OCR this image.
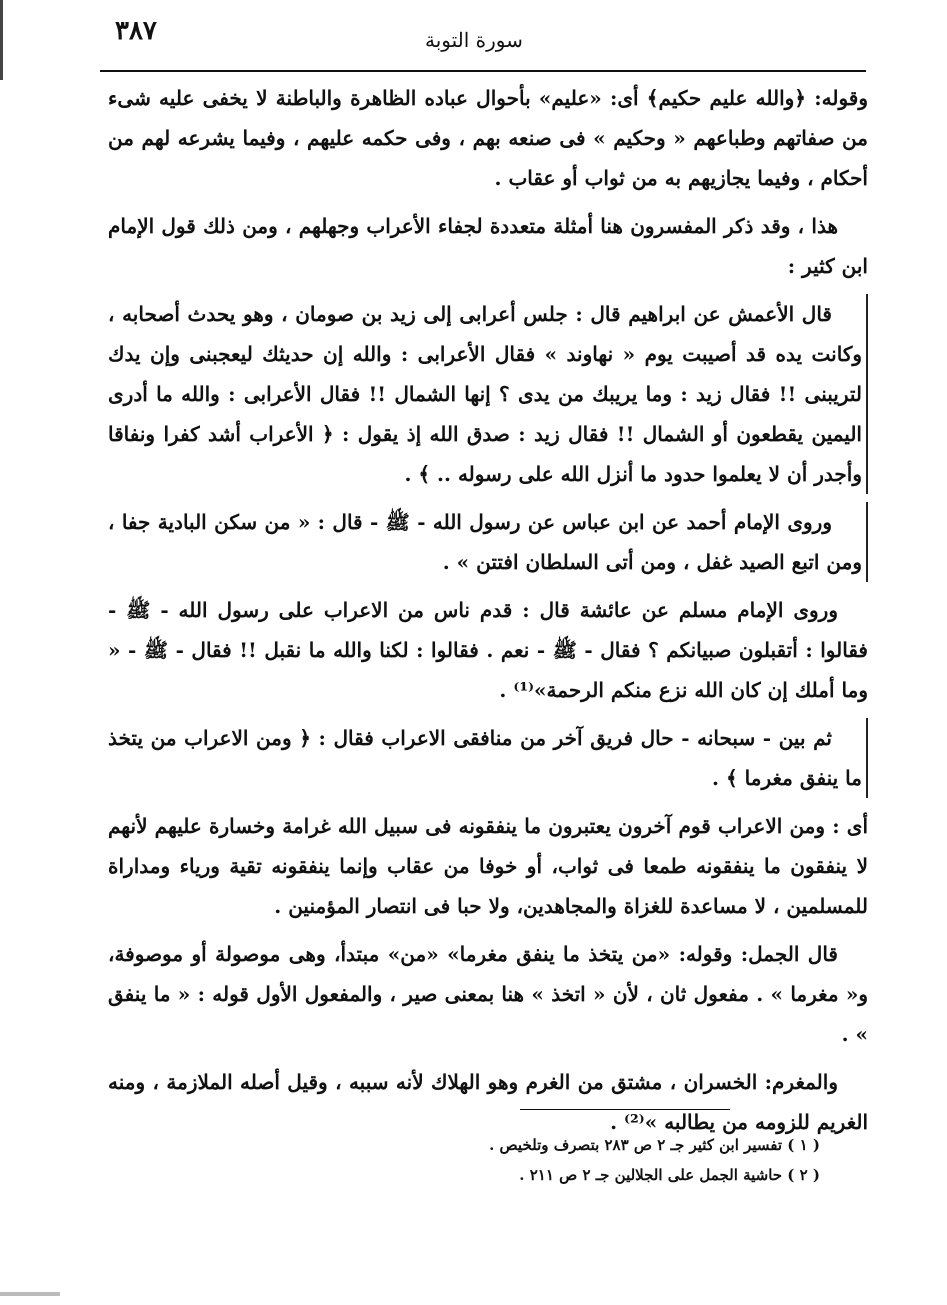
٣٨٧	سورة التوبة

وقوله: ﴿والله عليم حكيم﴾ أى: «عليم» بأحوال عباده الظاهرة والباطنة لا يخفى عليه شىء من صفاتهم وطباعهم « وحكيم » فى صنعه بهم ، وفى حكمه عليهم ، وفيما يشرعه لهم من أحكام ، وفيما يجازيهم به من ثواب أو عقاب .

هذا ، وقد ذكر المفسرون هنا أمثلة متعددة لجفاء الأعراب وجهلهم ، ومن ذلك قول الإمام ابن كثير :

قال الأعمش عن ابراهيم قال : جلس أعرابى إلى زيد بن صومان ، وهو يحدث أصحابه ، وكانت يده قد أصيبت يوم « نهاوند » فقال الأعرابى : والله إن حديثك ليعجبنى وإن يدك لتريبنى !! فقال زيد : وما يريبك من يدى ؟ إنها الشمال !! فقال الأعرابى : والله ما أدرى اليمين يقطعون أو الشمال !! فقال زيد : صدق الله إذ يقول : ﴿ الأعراب أشد كفرا ونفاقا وأجدر أن لا يعلموا حدود ما أنزل الله على رسوله .. ﴾ .

وروى الإمام أحمد عن ابن عباس عن رسول الله - ﷺ - قال : « من سكن البادية جفا ، ومن اتبع الصيد غفل ، ومن أتى السلطان افتتن » .

وروى الإمام مسلم عن عائشة قال : قدم ناس من الاعراب على رسول الله - ﷺ - فقالوا : أتقبلون صبيانكم ؟ فقال - ﷺ - نعم . فقالوا : لكنا والله ما نقبل !! فقال - ﷺ - « وما أملك إن كان الله نزع منكم الرحمة»⁽¹⁾ .

ثم بين - سبحانه - حال فريق آخر من منافقى الاعراب فقال : ﴿ ومن الاعراب من يتخذ ما ينفق مغرما ﴾ .

أى : ومن الاعراب قوم آخرون يعتبرون ما ينفقونه فى سبيل الله غرامة وخسارة عليهم لأنهم لا ينفقون ما ينفقونه طمعا فى ثواب، أو خوفا من عقاب وإنما ينفقونه تقية ورياء ومداراة للمسلمين ، لا مساعدة للغزاة والمجاهدين، ولا حبا فى انتصار المؤمنين .

قال الجمل: وقوله: «من يتخذ ما ينفق مغرما» «من» مبتدأ، وهى موصولة أو موصوفة، و« مغرما » . مفعول ثان ، لأن « اتخذ » هنا بمعنى صير ، والمفعول الأول قوله : « ما ينفق » .

والمغرم: الخسران ، مشتق من الغرم وهو الهلاك لأنه سببه ، وقيل أصله الملازمة ، ومنه الغريم للزومه من يطالبه »⁽²⁾ .

( ١ ) تفسير ابن كثير جـ ٢ ص ٢٨٣ بتصرف وتلخيص .
( ٢ ) حاشية الجمل على الجلالين جـ ٢ ص ٢١١ .
